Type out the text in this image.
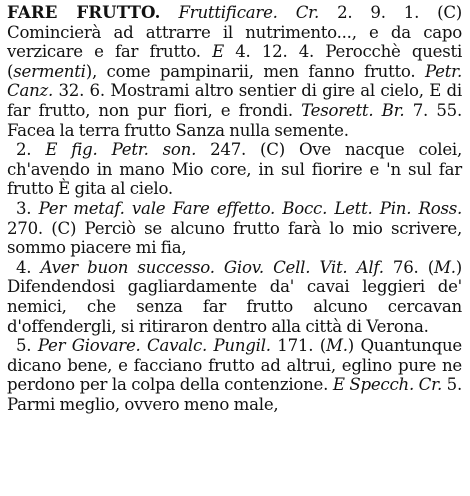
FARE FRUTTO. Fruttificare. Cr. 2. 9. 1. (C) Comincierà ad attrarre il nutrimento..., e da capo verzicare e far frutto. E 4. 12. 4. Perocchè questi (sermenti), come pampinarii, men fanno frutto. Petr. Canz. 32. 6. Mostrami altro sentier di gire al cielo, E di far frutto, non pur fiori, e frondi. Tesorett. Br. 7. 55. Facea la terra frutto Sanza nulla semente.
2. E fig. Petr. son. 247. (C) Ove nacque colei, ch'avendo in mano Mio core, in sul fiorire e 'n sul far frutto È gita al cielo.
3. Per metaf. vale Fare effetto. Bocc. Lett. Pin. Ross. 270. (C) Perciò se alcuno frutto farà lo mio scrivere, sommo piacere mi fia,
4. Aver buon successo. Giov. Cell. Vit. Alf. 76. (M.) Difendendosi gagliardamente da' cavai leggieri de' nemici, che senza far frutto alcuno cercavan d'offendergli, si ritiraron dentro alla città di Verona.
5. Per Giovare. Cavalc. Pungil. 171. (M.) Quantunque dicano bene, e facciano frutto ad altrui, eglino pure ne perdono per la colpa della contenzione. E Specch. Cr. 5. Parmi meglio, ovvero meno male,
